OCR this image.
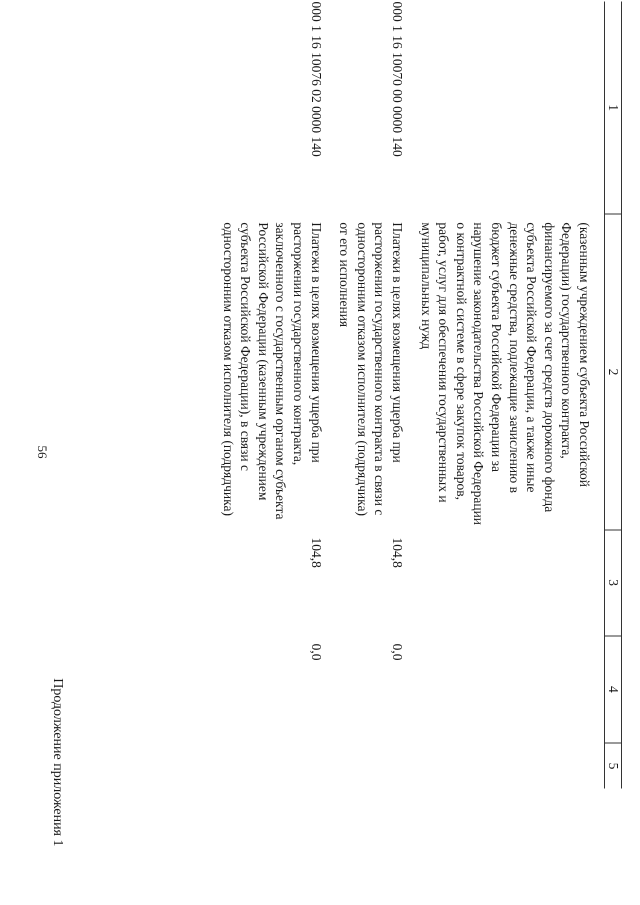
56
Продолжение приложения 1

1	2	3	4	5

	(казенным учреждением субъекта Российской Федерации) государственного контракта, финансируемого за счет средств дорожного фонда субъекта Российской Федерации, а также иные денежные средства, подлежащие зачислению в бюджет субъекта Российской Федерации за нарушение законодательства Российской Федерации о контрактной системе в сфере закупок товаров, работ, услуг для обеспечения государственных и муниципальных нужд			

000 1 16 10070 00 0000 140	Платежи в целях возмещения ущерба при расторжении государственного контракта в связи с односторонним отказом исполнителя (подрядчика) от его исполнения	104,8	0,0	

000 1 16 10076 02 0000 140	Платежи в целях возмещения ущерба при расторжении государственного контракта, заключенного с государственным органом субъекта Российской Федерации (казенным учреждением субъекта Российской Федерации), в связи с односторонним отказом исполнителя (подрядчика)	104,8	0,0	
